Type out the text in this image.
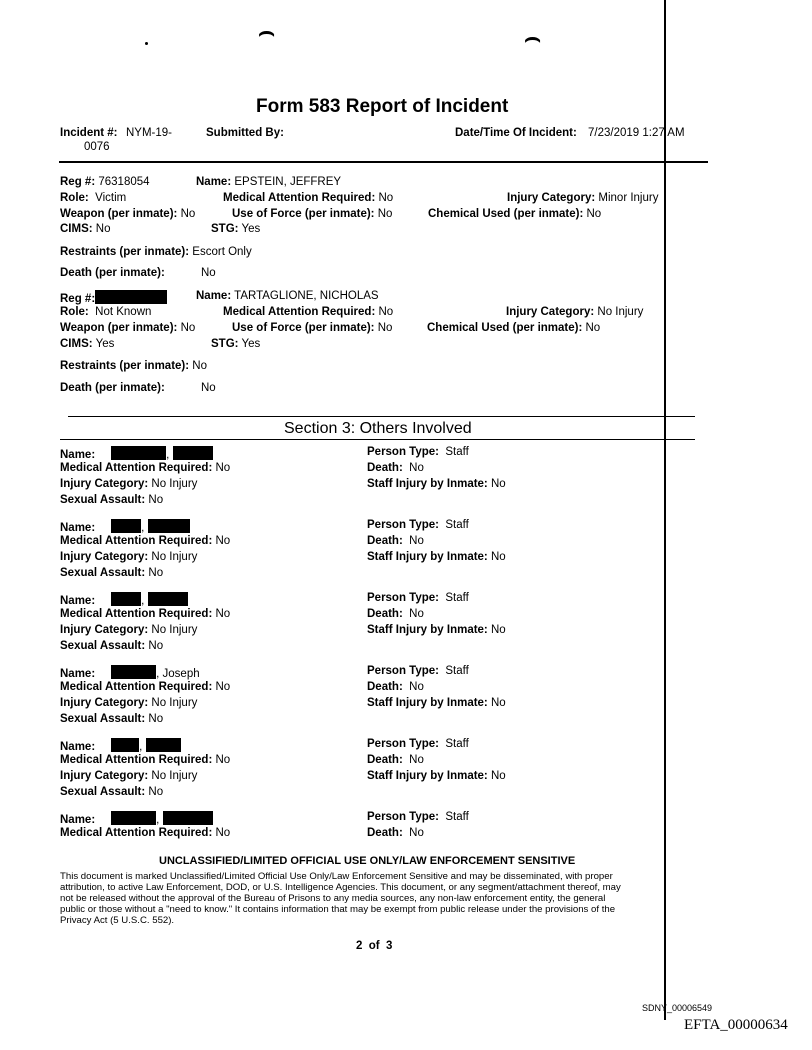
⌢	⌢
Form 583 Report of Incident
Incident #: NYM-19-
0076
Submitted By:	Date/Time Of Incident: 7/23/2019 1:27 AM
Reg #: 76318054	Name: EPSTEIN, JEFFREY
Role: Victim	Medical Attention Required: No	Injury Category: Minor Injury
Weapon (per inmate): No	Use of Force (per inmate): No	Chemical Used (per inmate): No
CIMS: No	STG: Yes
Restraints (per inmate): Escort Only
Death (per inmate):	No
Reg #:	Name: TARTAGLIONE, NICHOLAS
Role: Not Known	Medical Attention Required: No	Injury Category: No Injury
Weapon (per inmate): No	Use of Force (per inmate): No	Chemical Used (per inmate): No
CIMS: Yes	STG: Yes
Restraints (per inmate): No
Death (per inmate):	No
Section 3: Others Involved
Name:	,	Person Type: Staff
Medical Attention Required: No	Death: No
Injury Category: No Injury	Staff Injury by Inmate: No
Sexual Assault: No
Name:	,	Person Type: Staff
Medical Attention Required: No	Death: No
Injury Category: No Injury	Staff Injury by Inmate: No
Sexual Assault: No
Name:	,	Person Type: Staff
Medical Attention Required: No	Death: No
Injury Category: No Injury	Staff Injury by Inmate: No
Sexual Assault: No
Name:	, Joseph	Person Type: Staff
Medical Attention Required: No	Death: No
Injury Category: No Injury	Staff Injury by Inmate: No
Sexual Assault: No
Name:	,	Person Type: Staff
Medical Attention Required: No	Death: No
Injury Category: No Injury	Staff Injury by Inmate: No
Sexual Assault: No
Name:	,	Person Type: Staff
Medical Attention Required: No	Death: No
UNCLASSIFIED/LIMITED OFFICIAL USE ONLY/LAW ENFORCEMENT SENSITIVE
This document is marked Unclassified/Limited Official Use Only/Law Enforcement Sensitive and may be disseminated, with proper
attribution, to active Law Enforcement, DOD, or U.S. Intelligence Agencies. This document, or any segment/attachment thereof, may
not be released without the approval of the Bureau of Prisons to any media sources, any non-law enforcement entity, the general
public or those without a "need to know." It contains information that may be exempt from public release under the provisions of the
Privacy Act (5 U.S.C. 552).
2  of  3
SDNY_00006549
EFTA_00000634
